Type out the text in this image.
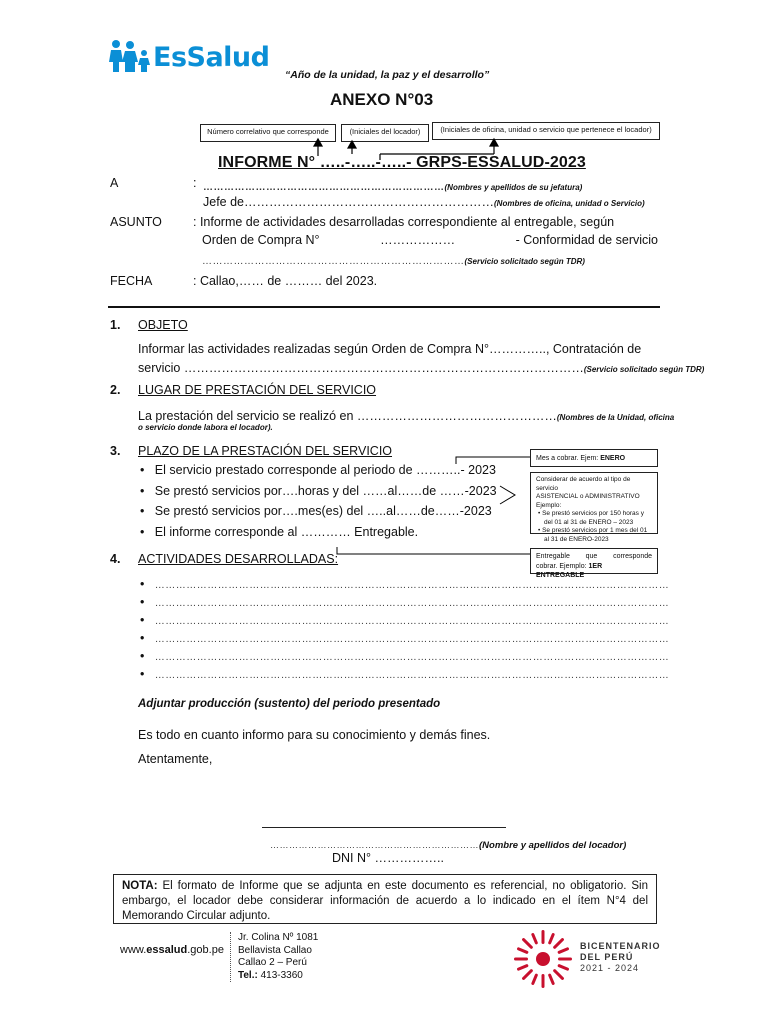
EsSalud
“Año de la unidad, la paz y el desarrollo”
ANEXO N°03
Número correlativo que corresponde	(Iniciales del locador)	(Iniciales de oficina, unidad o servicio que pertenece el locador)
INFORME N° …..-…..-…..- GRPS-ESSALUD-2023
A	: ……………………………………………………………(Nombres y apellidos de su jefatura)
Jefe de……………………………………………………(Nombres de oficina, unidad o Servicio)
ASUNTO : Informe de actividades desarrolladas correspondiente al entregable, según
Orden de Compra N°	………………	- Conformidad de servicio
…………………………………………………………………(Servicio solicitado según TDR)
FECHA	: Callao,…… de ……… del 2023.
1. OBJETO
Informar las actividades realizadas según Orden de Compra N°………….., Contratación de
servicio ……………………………………………………………………………………(Servicio solicitado según TDR)
2. LUGAR DE PRESTACIÓN DEL SERVICIO
La prestación del servicio se realizó en …………………………………………(Nombres de la Unidad, oficina
o servicio donde labora el locador).
3. PLAZO DE LA PRESTACIÓN DEL SERVICIO
•   El servicio prestado corresponde al periodo de ………..- 2023
•   Se prestó servicios por….horas y del ……al……de ……-2023
•   Se prestó servicios por….mes(es) del …..al……de……-2023
•   El informe corresponde al ………… Entregable.
Mes a cobrar. Ejem: ENERO
Considerar de acuerdo al tipo de servicio
ASISTENCIAL o ADMINISTRATIVO
Ejemplo:
• Se prestó servicios por 150 horas y del 01 al 31 de ENERO – 2023
• Se prestó servicios por 1 mes del 01 al 31 de ENERO-2023
Entregable que corresponde
cobrar. Ejemplo: 1ER ENTREGABLE
4. ACTIVIDADES DESARROLLADAS:
•   …………………………………………………………………………………………………………………………………
•   …………………………………………………………………………………………………………………………………
•   …………………………………………………………………………………………………………………………………
•   …………………………………………………………………………………………………………………………………
•   …………………………………………………………………………………………………………………………………
•   …………………………………………………………………………………………………………………………………
Adjuntar producción (sustento) del periodo presentado
Es todo en cuanto informo para su conocimiento y demás fines.
Atentamente,
…………………………………………………………(Nombre y apellidos del locador)
DNI N° ……………..
NOTA: El formato de Informe que se adjunta en este documento es referencial, no obligatorio. Sin embargo, el locador debe considerar información de acuerdo a lo indicado en el ítem N°4 del Memorando Circular adjunto.
www.essalud.gob.pe
Jr. Colina Nº 1081
Bellavista Callao
Callao 2 – Perú
Tel.: 413-3360
BICENTENARIO
DEL PERÚ
2021 - 2024
